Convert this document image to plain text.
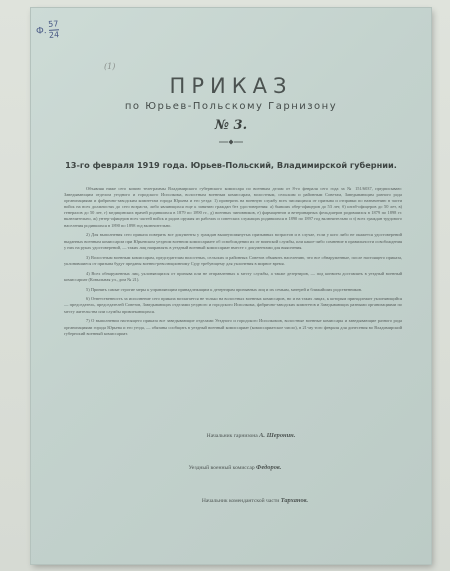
Ф. $\frac{57}{24}$
(1)
ПРИКАЗ
по Юрьев-Польскому Гарнизону
№ 3.
13-го февраля 1919 года. Юрьев-Польский, Владимирской губернии.

Объявляя ниже сего копию телеграммы Владимирского губернского комиссара по военным делам от 8-го февраля сего года за № 151/6037, предписываю: Заведывающим отделом уездного и городского Исполкома, волостным военным комиссарам, волостным, сельским и районным Советам, Заведывающим разного рода организациями и фабрично-заводским комитетам города Юрьева и его уезда: 1) проверить на военную службу всех числящихся от призыва и отправки по назначению в части войск на всех должностях до сего возраста, либо являющихся еще к занятию граждан без удостоверения: а) бывших обер-офицеров до 53 лет, б) штаб-офицеров до 50 лет, в) генералов до 50 лет, г) медицинских врачей родившихся в 1879 по 1890 гг., д) военных чиновников, е) фармацевтов и ветеринарных фельдшеров родившихся в 1879 по 1898 гг. включительно, ж) унтер-офицеров всех частей войск и родов оружия из рабочих и советских служащих родившихся в 1890 по 1897 год включительно и з) всех граждан трудового населения родившихся в 1890 по 1898 год включительно.

2) Для выполнения сего приказа поверить все документы у граждан вышеупомянутых призывных возрастов и в случае, если у кого либо не окажется удостоверений выданных военным комиссаром при Юрьевском уездном военном комиссариате об освобождении их от воинской службы, или какое-либо сомнение в правильности освобождения у них на руках удостоверений, — таких лиц направлять в уездный военный комиссариат вместе с документами для выяснения.

3) Волостным военным комиссарам, председателям волостных, сельских и районных Советов объявить населению, что все обнаруженные, после настоящего приказа, уклонившиеся от призыва будут преданы военно-революционному Суду требующему для уклонения в мирное время.

4) Всех обнаруженных лиц, уклоняющихся от призыва или не отправленных к месту службы, а также дезертиров, — под конвоем доставлять в уездный военный комиссариат (Ковыльная ул., дом № 21).

5) Принять самые строгие меры к управляющим принадлежащим к дезертирам призывных лиц и их семьям, матерей и ближайших родственников.

6) Ответственность за исполнение сего приказа возлагается не только на волостных военных комиссаров, но и на таких лицах, к которым принадлежит уклоняющийся — председатель, председателей Советов, Заведывающих отделами уездного и городского Исполкома, фабрично-заводских комитетов и Заведывающих разными организациями по месту жительства или службы привлекающихся.

7) О выполнении настоящего приказа все заведывающие отделами Уездного и городского Исполкомов, волостные военные комиссары и заведывающие разного рода организациями города Юрьева и его уезда, — обязаны сообщить в уездный военный комиссариат (комиссариатское число), в 21-му того февраля для донесения во Владимирский губернский военный комиссариат.

Начальник гарнизона А. Шеронин.
Уездный военный комиссар Федоров.
Начальник комендантской части Тарханов.
